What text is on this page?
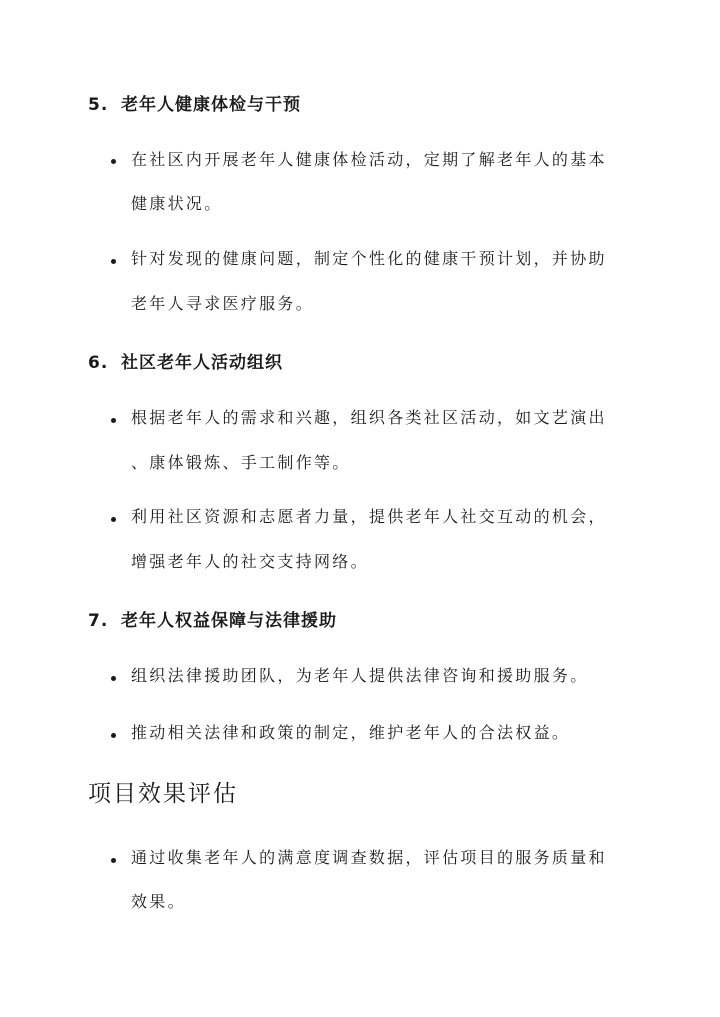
5. 老年人健康体检与干预
在社区内开展老年人健康体检活动，定期了解老年人的基本
健康状况。
针对发现的健康问题，制定个性化的健康干预计划，并协助
老年人寻求医疗服务。
6. 社区老年人活动组织
根据老年人的需求和兴趣，组织各类社区活动，如文艺演出
、康体锻炼、手工制作等。
利用社区资源和志愿者力量，提供老年人社交互动的机会，
增强老年人的社交支持网络。
7. 老年人权益保障与法律援助
组织法律援助团队，为老年人提供法律咨询和援助服务。
推动相关法律和政策的制定，维护老年人的合法权益。
项目效果评估
通过收集老年人的满意度调查数据，评估项目的服务质量和
效果。
